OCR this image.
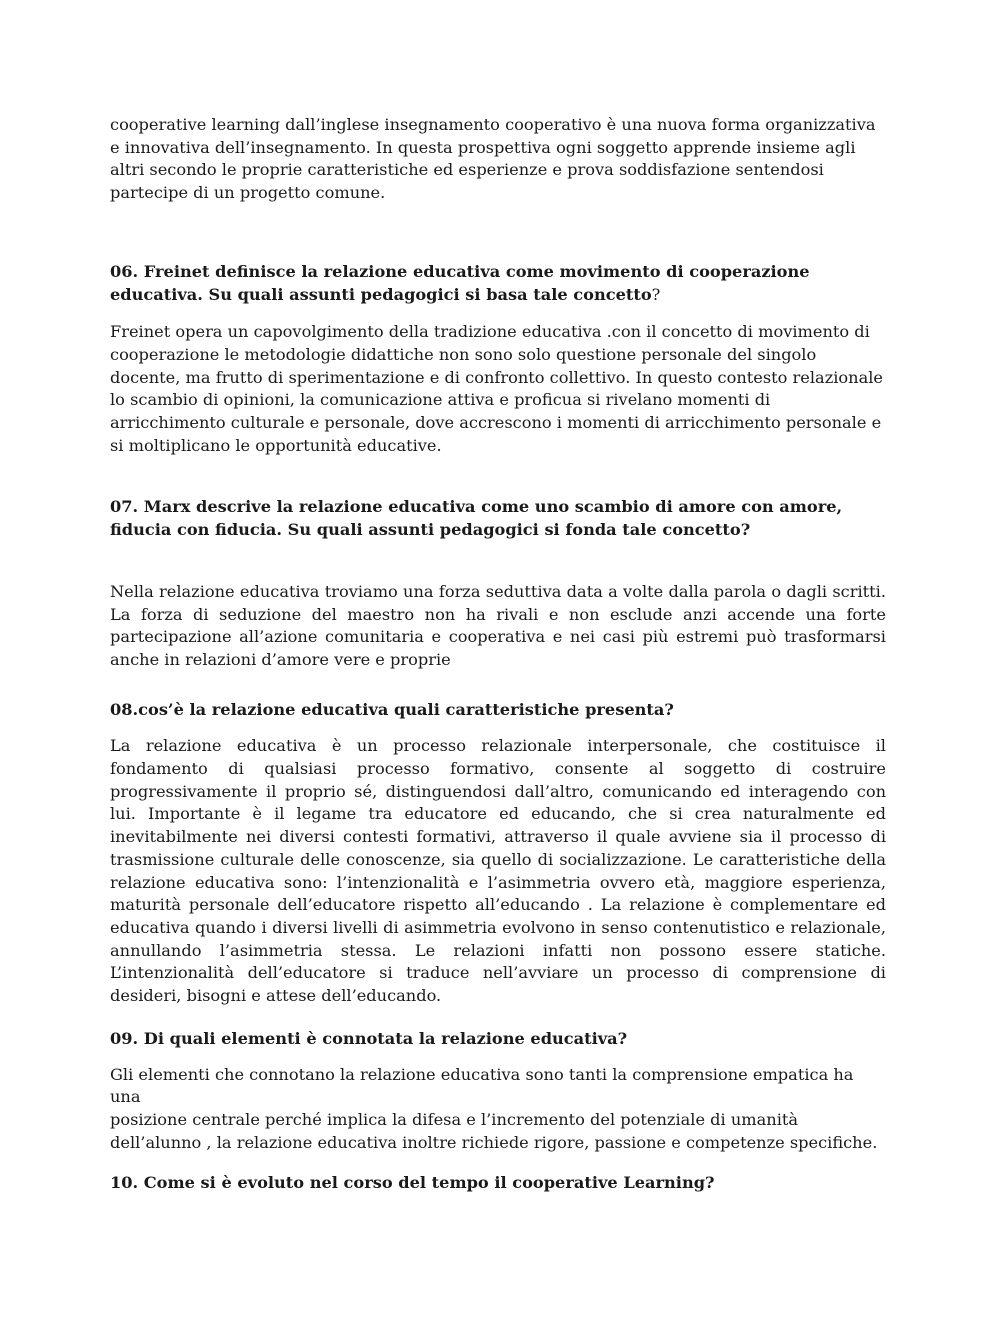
cooperative learning dall’inglese insegnamento cooperativo è una nuova forma organizzativa
e innovativa dell’insegnamento. In questa prospettiva ogni soggetto apprende insieme agli
altri secondo le proprie caratteristiche ed esperienze e prova soddisfazione sentendosi
partecipe di un progetto comune.

06. Freinet definisce la relazione educativa come movimento di cooperazione educativa. Su quali assunti pedagogici si basa tale concetto?

Freinet opera un capovolgimento della tradizione educativa .con il concetto di movimento di
cooperazione le metodologie didattiche non sono solo questione personale del singolo
docente, ma frutto di sperimentazione e di confronto collettivo. In questo contesto relazionale
lo scambio di opinioni, la comunicazione attiva e proficua si rivelano momenti di
arricchimento culturale e personale, dove accrescono i momenti di arricchimento personale e
si moltiplicano le opportunità educative.

07. Marx descrive la relazione educativa come uno scambio di amore con amore, fiducia con fiducia. Su quali assunti pedagogici si fonda tale concetto?

Nella relazione educativa troviamo una forza seduttiva data a volte dalla parola o dagli scritti. La forza di seduzione del maestro non ha rivali e non esclude anzi accende una forte partecipazione all’azione comunitaria e cooperativa e nei casi più estremi può trasformarsi anche in relazioni d’amore vere e proprie

08.cos’è la relazione educativa quali caratteristiche presenta?

La relazione educativa è un processo relazionale interpersonale, che costituisce il fondamento di qualsiasi processo formativo, consente al soggetto di costruire progressivamente il proprio sé, distinguendosi dall’altro, comunicando ed interagendo con lui. Importante è il legame tra educatore ed educando, che si crea naturalmente ed inevitabilmente nei diversi contesti formativi, attraverso il quale avviene sia il processo di trasmissione culturale delle conoscenze, sia quello di socializzazione. Le caratteristiche della relazione educativa sono: l’intenzionalità e l’asimmetria ovvero età, maggiore esperienza, maturità personale dell’educatore rispetto all’educando . La relazione è complementare ed educativa quando i diversi livelli di asimmetria evolvono in senso contenutistico e relazionale, annullando l’asimmetria stessa. Le relazioni infatti non possono essere statiche. L’intenzionalità dell’educatore si traduce nell’avviare un processo di comprensione di desideri, bisogni e attese dell’educando.

09. Di quali elementi è connotata la relazione educativa?

Gli elementi che connotano la relazione educativa sono tanti la comprensione empatica ha una
posizione centrale perché implica la difesa e l’incremento del potenziale di umanità
dell’alunno , la relazione educativa inoltre richiede rigore, passione e competenze specifiche.

10. Come si è evoluto nel corso del tempo il cooperative Learning?
